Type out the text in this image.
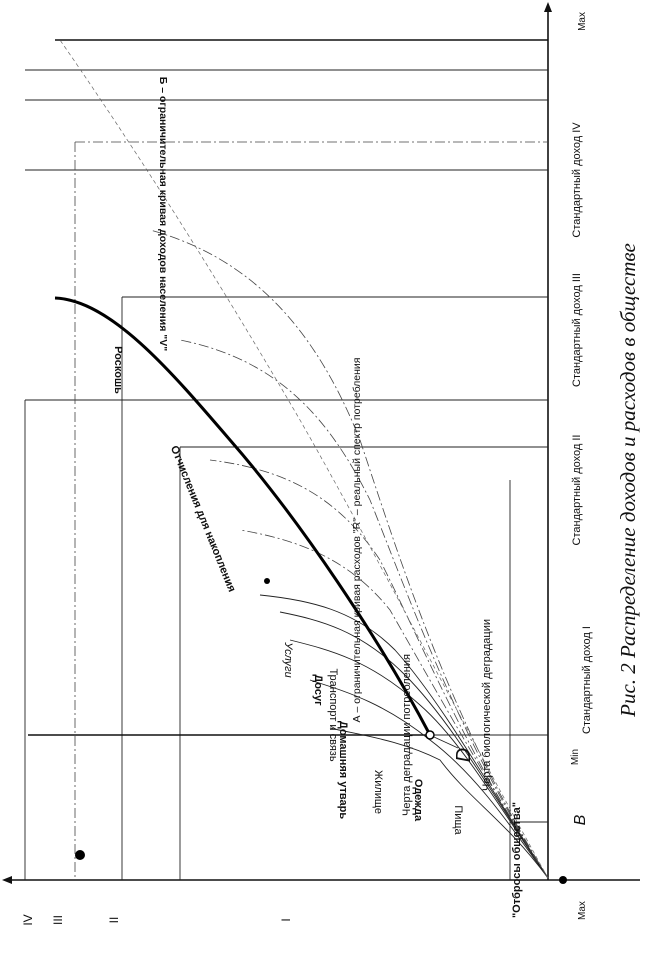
Max
Max
Min
Стандартный доход I
Стандартный доход II
Стандартный доход III
Стандартный доход IV
В
D
IV III	II	I
"Отбросы общества"
Пища
Одежда
Жилище
Домашняя утварь
Транспорт и связь
Досуг
Услуги
Отчисления для накопления
Роскошь	А – ограничительная кривая расходов "R" – реальный спектр потребления
Б – ограничительная кривая доходов населения "V"
Черта деградации потребления	Черта биологической деградации	Рис. 2 Распределение доходов и расходов в обществе
